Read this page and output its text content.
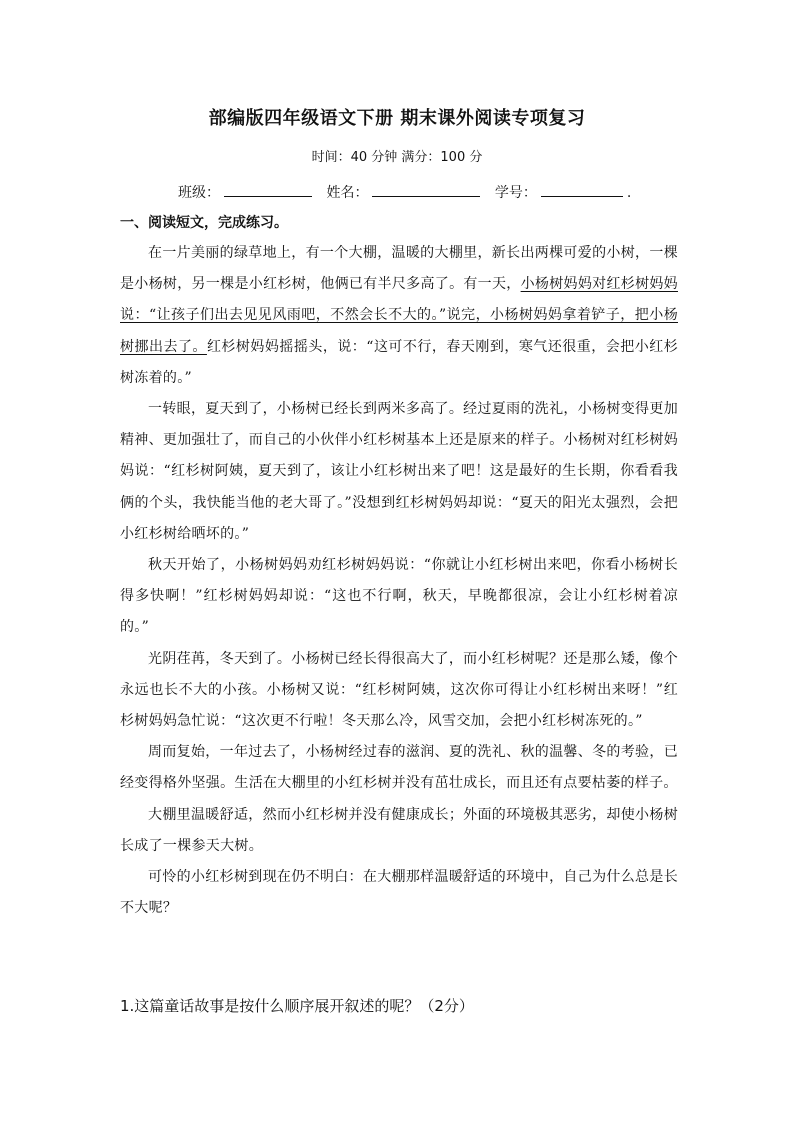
部编版四年级语文下册 期末课外阅读专项复习
时间：40 分钟 满分：100 分
班级：	姓名：	学号：	.
一、阅读短文，完成练习。

在一片美丽的绿草地上，有一个大棚，温暖的大棚里，新长出两棵可爱的小树，一棵是小杨树，另一棵是小红杉树，他俩已有半尺多高了。有一天，小杨树妈妈对红杉树妈妈说：“让孩子们出去见见风雨吧，不然会长不大的。”说完，小杨树妈妈拿着铲子，把小杨树挪出去了。红杉树妈妈摇摇头，说：“这可不行，春天刚到，寒气还很重，会把小红杉树冻着的。”

一转眼，夏天到了，小杨树已经长到两米多高了。经过夏雨的洗礼，小杨树变得更加精神、更加强壮了，而自己的小伙伴小红杉树基本上还是原来的样子。小杨树对红杉树妈妈说：“红杉树阿姨，夏天到了，该让小红杉树出来了吧！这是最好的生长期，你看看我俩的个头，我快能当他的老大哥了。”没想到红杉树妈妈却说：“夏天的阳光太强烈，会把小红杉树给晒坏的。”

秋天开始了，小杨树妈妈劝红杉树妈妈说：“你就让小红杉树出来吧，你看小杨树长得多快啊！”红杉树妈妈却说：“这也不行啊，秋天，早晚都很凉，会让小红杉树着凉的。”

光阴荏苒，冬天到了。小杨树已经长得很高大了，而小红杉树呢？还是那么矮，像个永远也长不大的小孩。小杨树又说：“红杉树阿姨，这次你可得让小红杉树出来呀！”红杉树妈妈急忙说：“这次更不行啦！冬天那么冷，风雪交加，会把小红杉树冻死的。”

周而复始，一年过去了，小杨树经过春的滋润、夏的洗礼、秋的温馨、冬的考验，已经变得格外坚强。生活在大棚里的小红杉树并没有茁壮成长，而且还有点要枯萎的样子。

大棚里温暖舒适，然而小红杉树并没有健康成长；外面的环境极其恶劣，却使小杨树长成了一棵参天大树。

可怜的小红杉树到现在仍不明白：在大棚那样温暖舒适的环境中，自己为什么总是长不大呢？

1.这篇童话故事是按什么顺序展开叙述的呢？（2分）
